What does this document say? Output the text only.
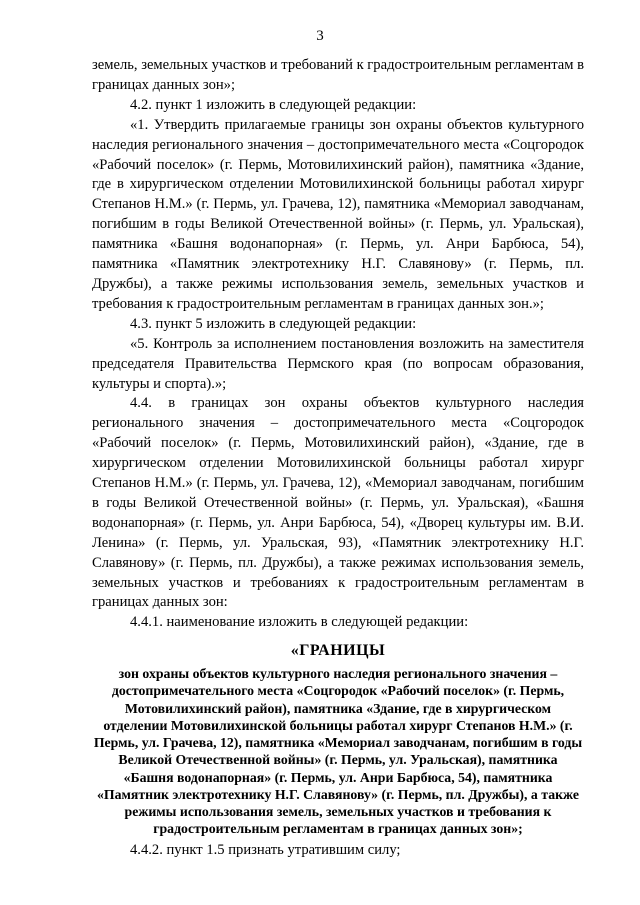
3

земель, земельных участков и требований к градостроительным регламентам в границах данных зон»;

4.2. пункт 1 изложить в следующей редакции:

«1. Утвердить прилагаемые границы зон охраны объектов культурного наследия регионального значения – достопримечательного места «Соцгородок «Рабочий поселок» (г. Пермь, Мотовилихинский район), памятника «Здание, где в хирургическом отделении Мотовилихинской больницы работал хирург Степанов Н.М.» (г. Пермь, ул. Грачева, 12), памятника «Мемориал заводчанам, погибшим в годы Великой Отечественной войны» (г. Пермь, ул. Уральская), памятника «Башня водонапорная» (г. Пермь, ул. Анри Барбюса, 54), памятника «Памятник электротехнику Н.Г. Славянову» (г. Пермь, пл. Дружбы), а также режимы использования земель, земельных участков и требования к градостроительным регламентам в границах данных зон.»;

4.3. пункт 5 изложить в следующей редакции:

«5. Контроль за исполнением постановления возложить на заместителя председателя Правительства Пермского края (по вопросам образования, культуры и спорта).»;

4.4. в границах зон охраны объектов культурного наследия регионального значения – достопримечательного места «Соцгородок «Рабочий поселок» (г. Пермь, Мотовилихинский район), «Здание, где в хирургическом отделении Мотовилихинской больницы работал хирург Степанов Н.М.» (г. Пермь, ул. Грачева, 12), «Мемориал заводчанам, погибшим в годы Великой Отечественной войны» (г. Пермь, ул. Уральская), «Башня водонапорная» (г. Пермь, ул. Анри Барбюса, 54), «Дворец культуры им. В.И. Ленина» (г. Пермь, ул. Уральская, 93), «Памятник электротехнику Н.Г. Славянову» (г. Пермь, пл. Дружбы), а также режимах использования земель, земельных участков и требованиях к градостроительным регламентам в границах данных зон:

4.4.1. наименование изложить в следующей редакции:

«ГРАНИЦЫ
зон охраны объектов культурного наследия регионального значения – достопримечательного места «Соцгородок «Рабочий поселок» (г. Пермь, Мотовилихинский район), памятника «Здание, где в хирургическом отделении Мотовилихинской больницы работал хирург Степанов Н.М.» (г. Пермь, ул. Грачева, 12), памятника «Мемориал заводчанам, погибшим в годы Великой Отечественной войны» (г. Пермь, ул. Уральская), памятника «Башня водонапорная» (г. Пермь, ул. Анри Барбюса, 54), памятника «Памятник электротехнику Н.Г. Славянову» (г. Пермь, пл. Дружбы), а также режимы использования земель, земельных участков и требования к градостроительным регламентам в границах данных зон»;

4.4.2. пункт 1.5 признать утратившим силу;
